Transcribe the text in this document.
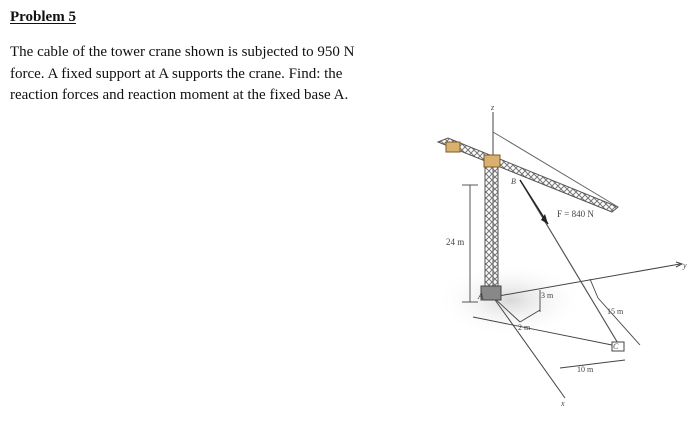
Problem 5
The cable of the tower crane shown is subjected to 950 N
force. A fixed support at A supports the crane. Find: the
reaction forces and reaction moment at the fixed base A.
F = 840 N
24 m
3 m
2 m
15 m
10 m
A
B
C
z
y
x
